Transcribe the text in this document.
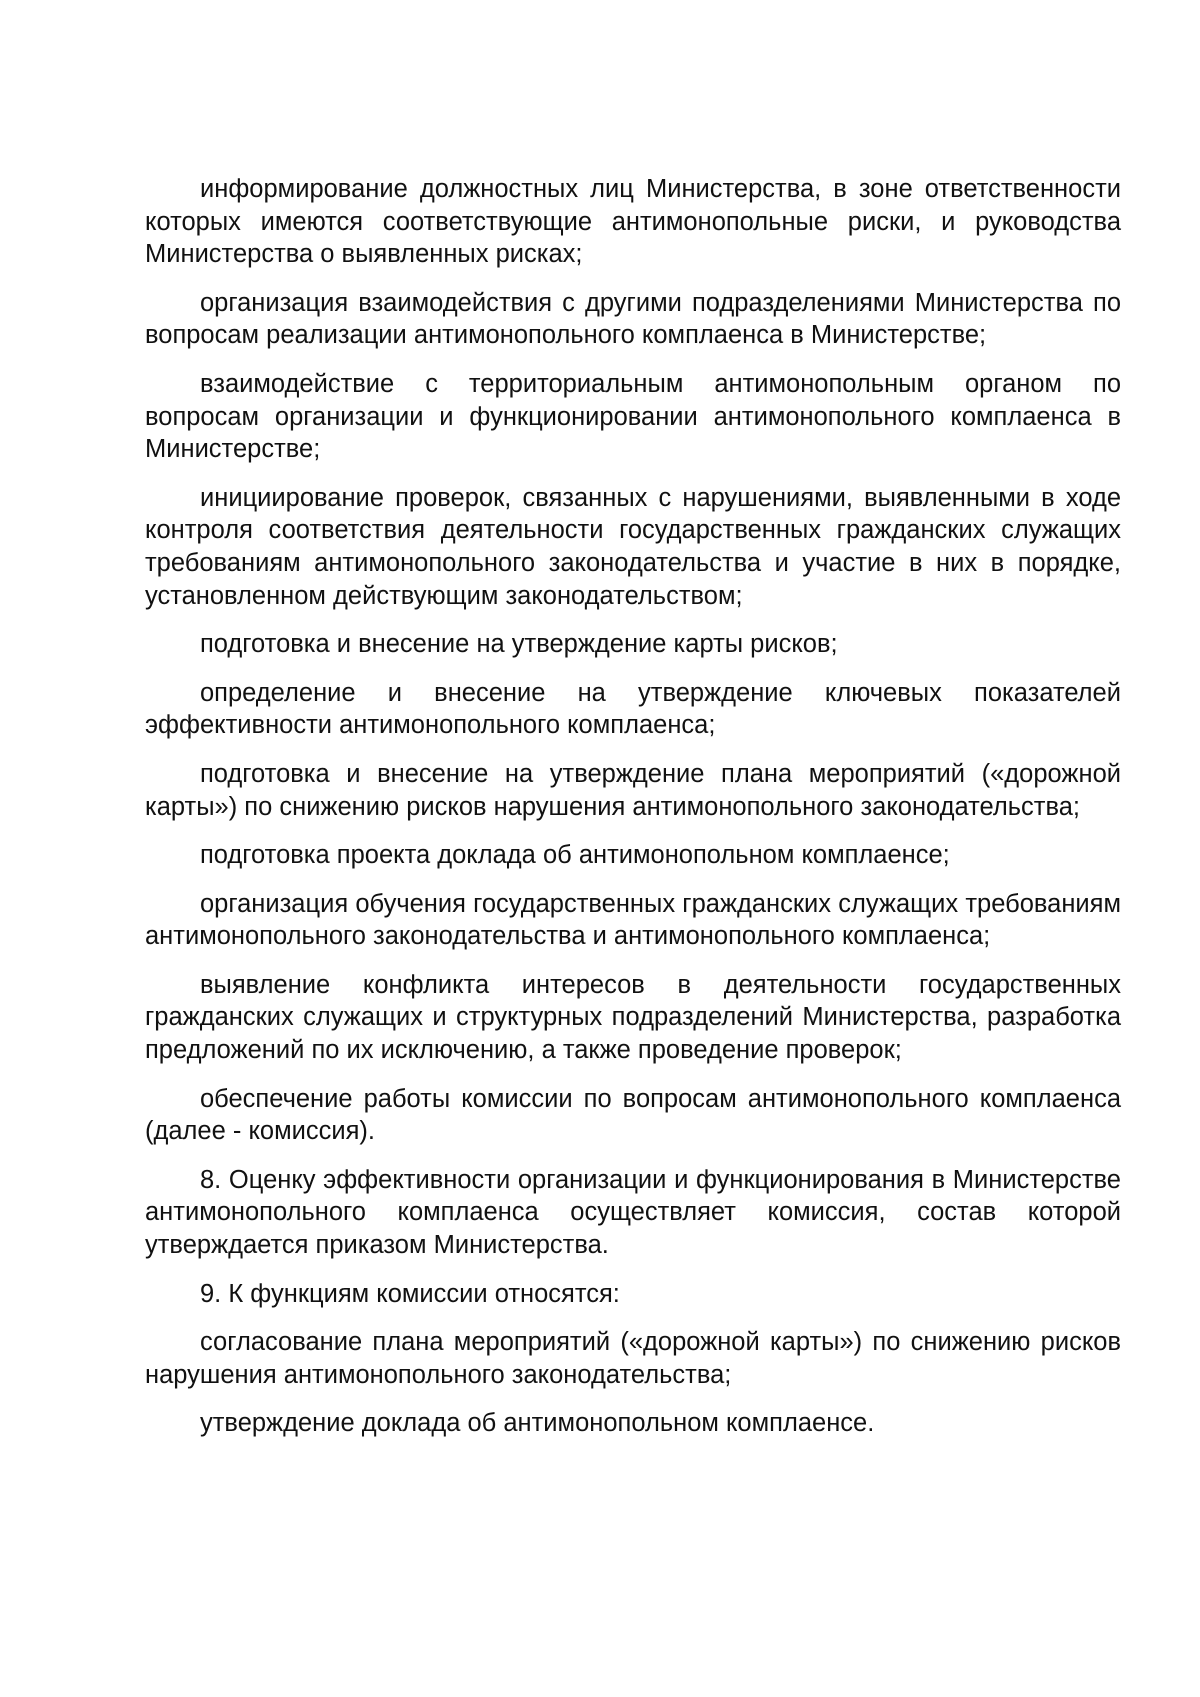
информирование должностных лиц Министерства, в зоне ответственности которых имеются соответствующие антимонопольные риски, и руководства Министерства о выявленных рисках;

организация взаимодействия с другими подразделениями Министерства по вопросам реализации антимонопольного комплаенса в Министерстве;

взаимодействие с территориальным антимонопольным органом по вопросам организации и функционировании антимонопольного комплаенса в Министерстве;

инициирование проверок, связанных с нарушениями, выявленными в ходе контроля соответствия деятельности государственных гражданских служащих требованиям антимонопольного законодательства и участие в них в порядке, установленном действующим законодательством;

подготовка и внесение на утверждение карты рисков;

определение и внесение на утверждение ключевых показателей эффективности антимонопольного комплаенса;

подготовка и внесение на утверждение плана мероприятий («дорожной карты») по снижению рисков нарушения антимонопольного законодательства;

подготовка проекта доклада об антимонопольном комплаенсе;

организация обучения государственных гражданских служащих требованиям антимонопольного законодательства и антимонопольного комплаенса;

выявление конфликта интересов в деятельности государственных гражданских служащих и структурных подразделений Министерства, разработка предложений по их исключению, а также проведение проверок;

обеспечение работы комиссии по вопросам антимонопольного комплаенса (далее - комиссия).

8. Оценку эффективности организации и функционирования в Министерстве антимонопольного комплаенса осуществляет комиссия, состав которой утверждается приказом Министерства.

9. К функциям комиссии относятся:

согласование плана мероприятий («дорожной карты») по снижению рисков нарушения антимонопольного законодательства;

утверждение доклада об антимонопольном комплаенсе.
